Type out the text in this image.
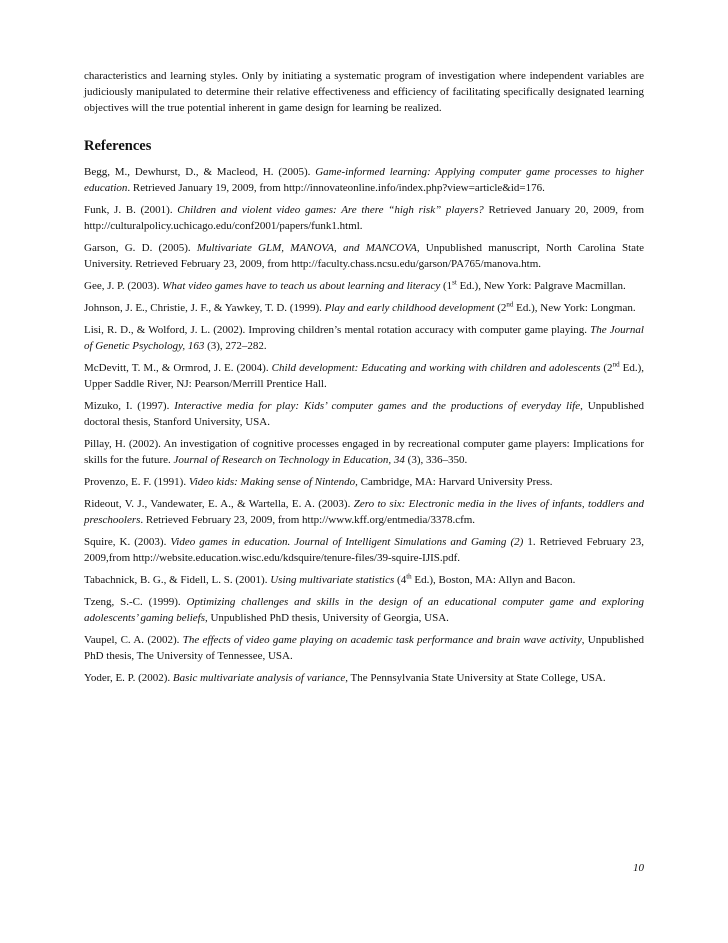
characteristics and learning styles. Only by initiating a systematic program of investigation where independent variables are judiciously manipulated to determine their relative effectiveness and efficiency of facilitating specifically designated learning objectives will the true potential inherent in game design for learning be realized.

References

Begg, M., Dewhurst, D., & Macleod, H. (2005). Game-informed learning: Applying computer game processes to higher education. Retrieved January 19, 2009, from http://innovateonline.info/index.php?view=article&id=176.

Funk, J. B. (2001). Children and violent video games: Are there “high risk” players? Retrieved January 20, 2009, from http://culturalpolicy.uchicago.edu/conf2001/papers/funk1.html.

Garson, G. D. (2005). Multivariate GLM, MANOVA, and MANCOVA, Unpublished manuscript, North Carolina State University. Retrieved February 23, 2009, from http://faculty.chass.ncsu.edu/garson/PA765/manova.htm.

Gee, J. P. (2003). What video games have to teach us about learning and literacy (1st Ed.), New York: Palgrave Macmillan.

Johnson, J. E., Christie, J. F., & Yawkey, T. D. (1999). Play and early childhood development (2nd Ed.), New York: Longman.

Lisi, R. D., & Wolford, J. L. (2002). Improving children’s mental rotation accuracy with computer game playing. The Journal of Genetic Psychology, 163 (3), 272–282.

McDevitt, T. M., & Ormrod, J. E. (2004). Child development: Educating and working with children and adolescents (2nd Ed.), Upper Saddle River, NJ: Pearson/Merrill Prentice Hall.

Mizuko, I. (1997). Interactive media for play: Kids’ computer games and the productions of everyday life, Unpublished doctoral thesis, Stanford University, USA.

Pillay, H. (2002). An investigation of cognitive processes engaged in by recreational computer game players: Implications for skills for the future. Journal of Research on Technology in Education, 34 (3), 336–350.

Provenzo, E. F. (1991). Video kids: Making sense of Nintendo, Cambridge, MA: Harvard University Press.

Rideout, V. J., Vandewater, E. A., & Wartella, E. A. (2003). Zero to six: Electronic media in the lives of infants, toddlers and preschoolers. Retrieved February 23, 2009, from http://www.kff.org/entmedia/3378.cfm.

Squire, K. (2003). Video games in education. Journal of Intelligent Simulations and Gaming (2) 1. Retrieved February 23, 2009,from http://website.education.wisc.edu/kdsquire/tenure-files/39-squire-IJIS.pdf.

Tabachnick, B. G., & Fidell, L. S. (2001). Using multivariate statistics (4th Ed.), Boston, MA: Allyn and Bacon.

Tzeng, S.-C. (1999). Optimizing challenges and skills in the design of an educational computer game and exploring adolescents’ gaming beliefs, Unpublished PhD thesis, University of Georgia, USA.

Vaupel, C. A. (2002). The effects of video game playing on academic task performance and brain wave activity, Unpublished PhD thesis, The University of Tennessee, USA.

Yoder, E. P. (2002). Basic multivariate analysis of variance, The Pennsylvania State University at State College, USA.

10
